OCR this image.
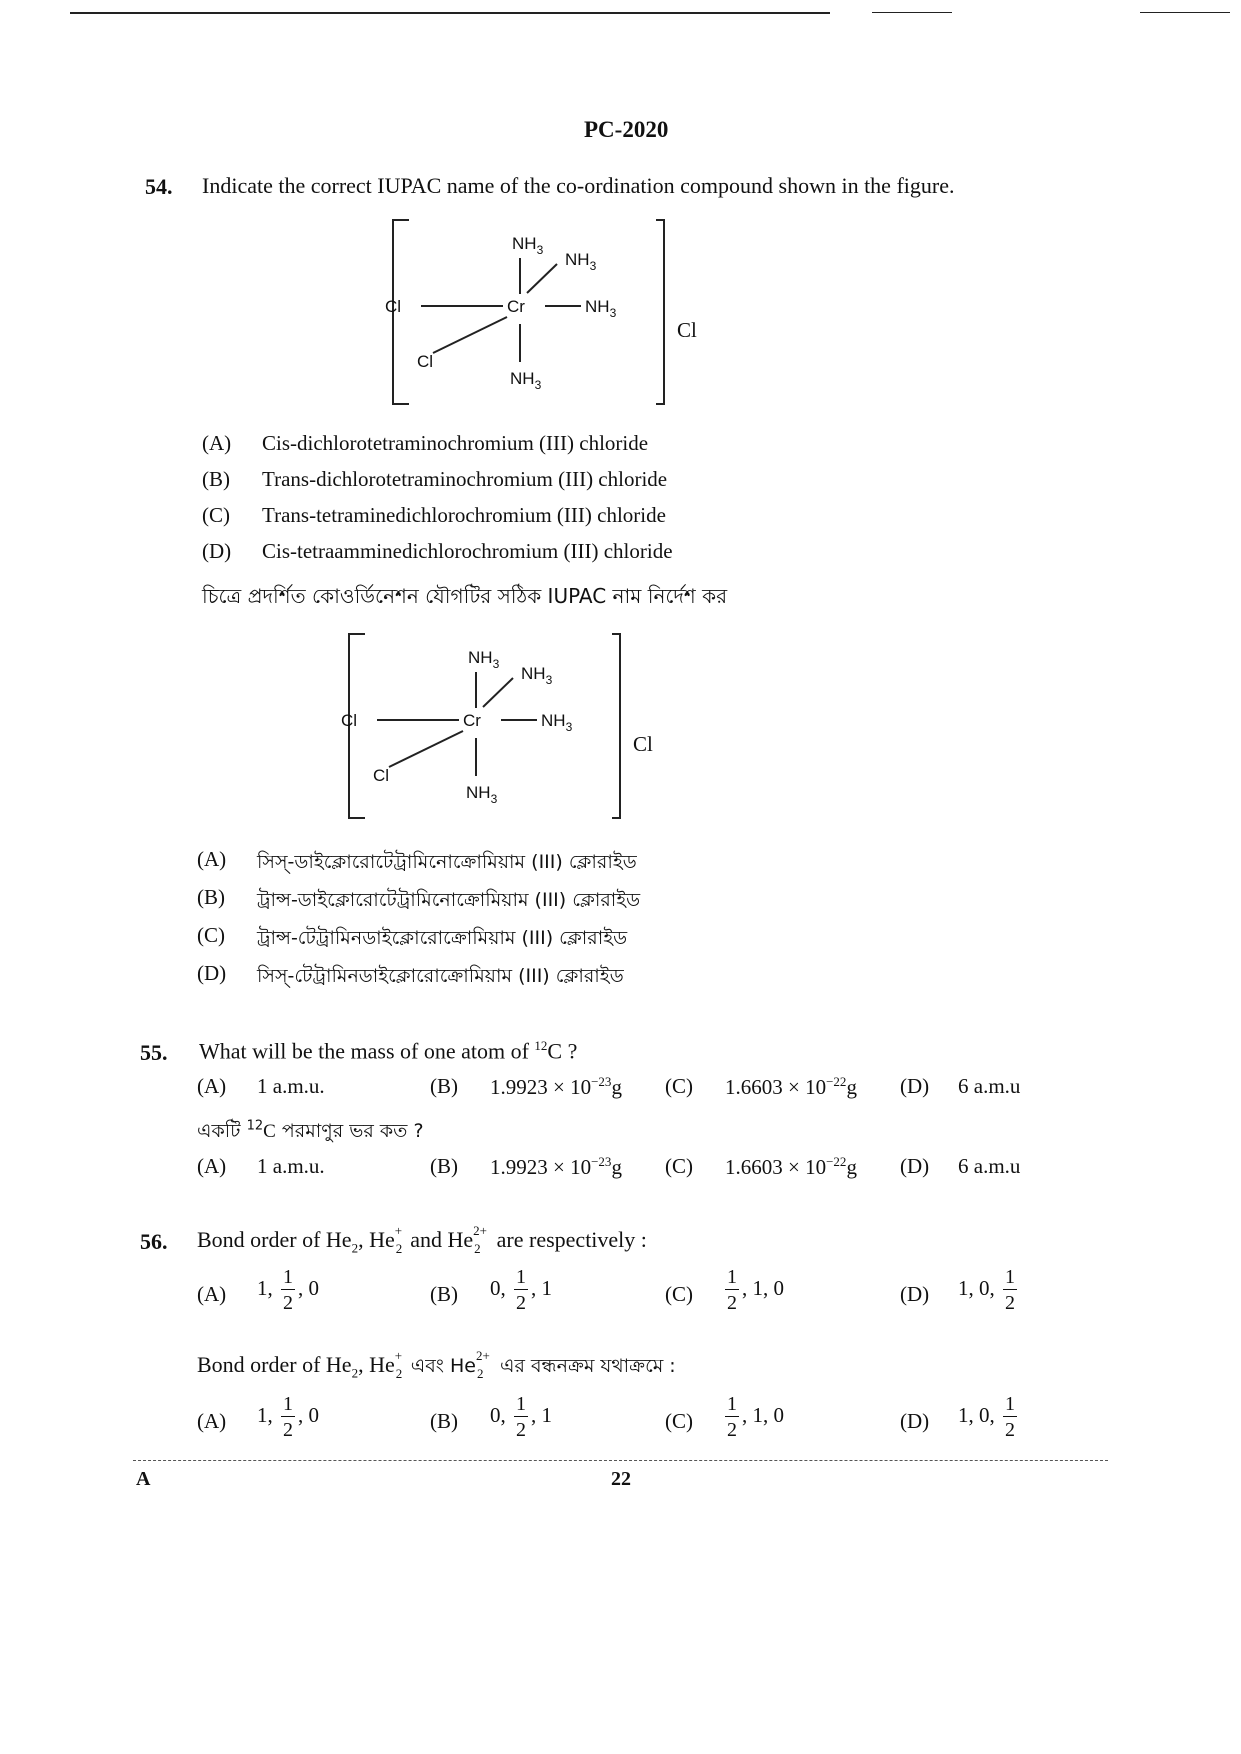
PC-2020
54. Indicate the correct IUPAC name of the co-ordination compound shown in the figure.
$NH_3$ $NH_3$
Cl	Cr	$NH_3$
Cl
$NH_3$
Cl
(A) Cis-dichlorotetraminochromium (III) chloride
(B) Trans-dichlorotetraminochromium (III) chloride
(C) Trans-tetraminedichlorochromium (III) chloride
(D) Cis-tetraamminedichlorochromium (III) chloride
চিত্রে প্রদর্শিত কোওর্ডিনেশন যৌগটির সঠিক IUPAC নাম নির্দেশ কর
$NH_3$ $NH_3$
Cl	Cr	$NH_3$
Cl
$NH_3$
Cl
(A) সিস্-ডাইক্লোরোটেট্রামিনোক্রোমিয়াম (III) ক্লোরাইড
(B) ট্রান্স-ডাইক্লোরোটেট্রামিনোক্রোমিয়াম (III) ক্লোরাইড
(C) ট্রান্স-টেট্রামিনডাইক্লোরোক্রোমিয়াম (III) ক্লোরাইড
(D) সিস্-টেট্রামিনডাইক্লোরোক্রোমিয়াম (III) ক্লোরাইড
55. What will be the mass of one atom of $^{12}$C ?
(A) 1 a.m.u.	(B) $1.9923 \times 10^{-23}g$ (C) $1.6603 \times 10^{-22}g$ (D) 6 a.m.u
একটি $^{12}$C পরমাণুর ভর কত ?
(A) 1 a.m.u.	(B) $1.9923 \times 10^{-23}g$ (C) $1.6603 \times 10^{-22}g$ (D) 6 a.m.u
56. Bond order of $He_2$, He +
2 and He 2+
2 are respectively :
(A) 1, $\frac{1}{2}$ , 0	(B) 0, $\frac{1}{2}$ , 1	$(C) \frac{1}{2}$ , 1, 0	(D) 1, 0, $\frac{1}{2}$
Bond order of $He_2$, He +
2 এবং He 2+
2 এর বন্ধনক্রম যথাক্রমে :
(A) 1, $\frac{1}{2}$ , 0	(B) 0, $\frac{1}{2}$ , 1	$(C) \frac{1}{2}$ , 1, 0	(D) 1, 0, $\frac{1}{2}$
A	22
